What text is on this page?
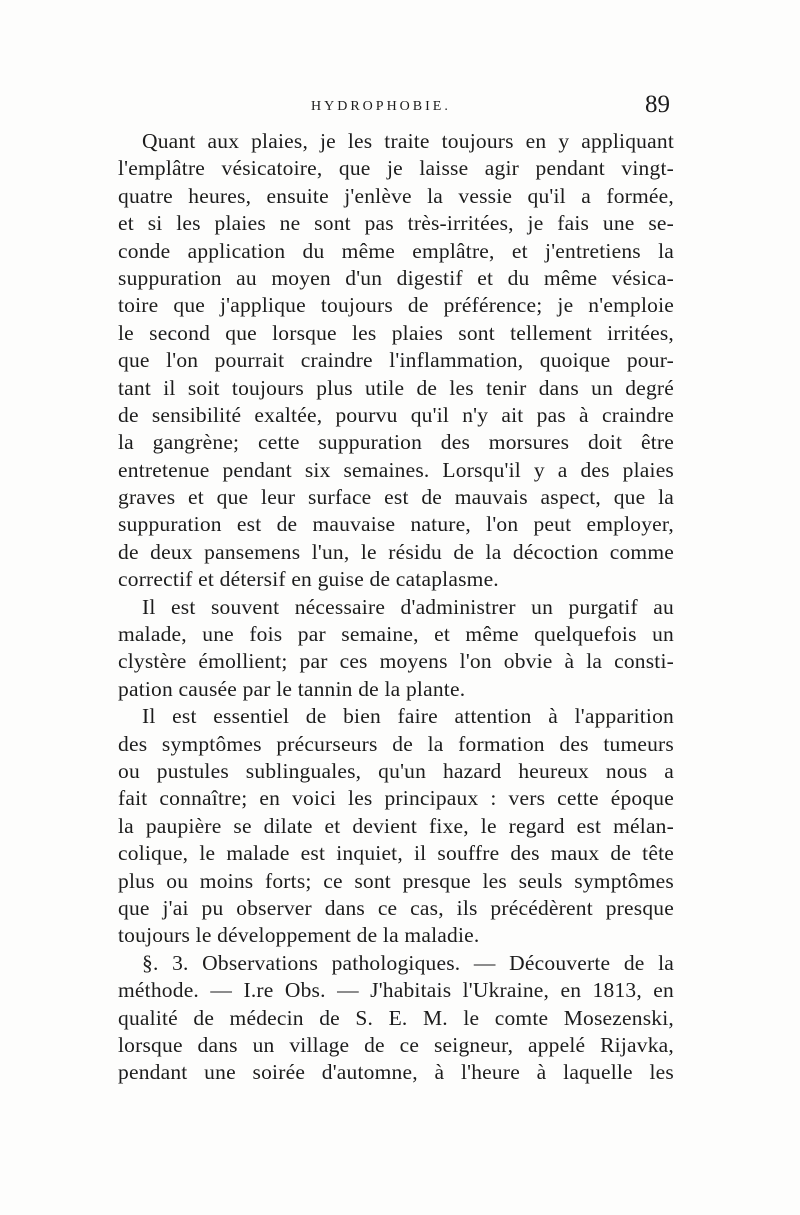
HYDROPHOBIE.	89
Quant aux plaies, je les traite toujours en y appliquant
l'emplâtre vésicatoire, que je laisse agir pendant vingt-
quatre heures, ensuite j'enlève la vessie qu'il a formée,
et si les plaies ne sont pas très-irritées, je fais une se-
conde application du même emplâtre, et j'entretiens la
suppuration au moyen d'un digestif et du même vésica-
toire que j'applique toujours de préférence; je n'emploie
le second que lorsque les plaies sont tellement irritées,
que l'on pourrait craindre l'inflammation, quoique pour-
tant il soit toujours plus utile de les tenir dans un degré
de sensibilité exaltée, pourvu qu'il n'y ait pas à craindre
la gangrène; cette suppuration des morsures doit être
entretenue pendant six semaines. Lorsqu'il y a des plaies
graves et que leur surface est de mauvais aspect, que la
suppuration est de mauvaise nature, l'on peut employer,
de deux pansemens l'un, le résidu de la décoction comme
correctif et détersif en guise de cataplasme.
Il est souvent nécessaire d'administrer un purgatif au
malade, une fois par semaine, et même quelquefois un
clystère émollient; par ces moyens l'on obvie à la consti-
pation causée par le tannin de la plante.
Il est essentiel de bien faire attention à l'apparition
des symptômes précurseurs de la formation des tumeurs
ou pustules sublinguales, qu'un hazard heureux nous a
fait connaître; en voici les principaux : vers cette époque
la paupière se dilate et devient fixe, le regard est mélan-
colique, le malade est inquiet, il souffre des maux de tête
plus ou moins forts; ce sont presque les seuls symptômes
que j'ai pu observer dans ce cas, ils précédèrent presque
toujours le développement de la maladie.
§. 3. Observations pathologiques. — Découverte de la
méthode. — I.re Obs. — J'habitais l'Ukraine, en 1813, en
qualité de médecin de S. E. M. le comte Mosezenski,
lorsque dans un village de ce seigneur, appelé Rijavka,
pendant une soirée d'automne, à l'heure à laquelle les
